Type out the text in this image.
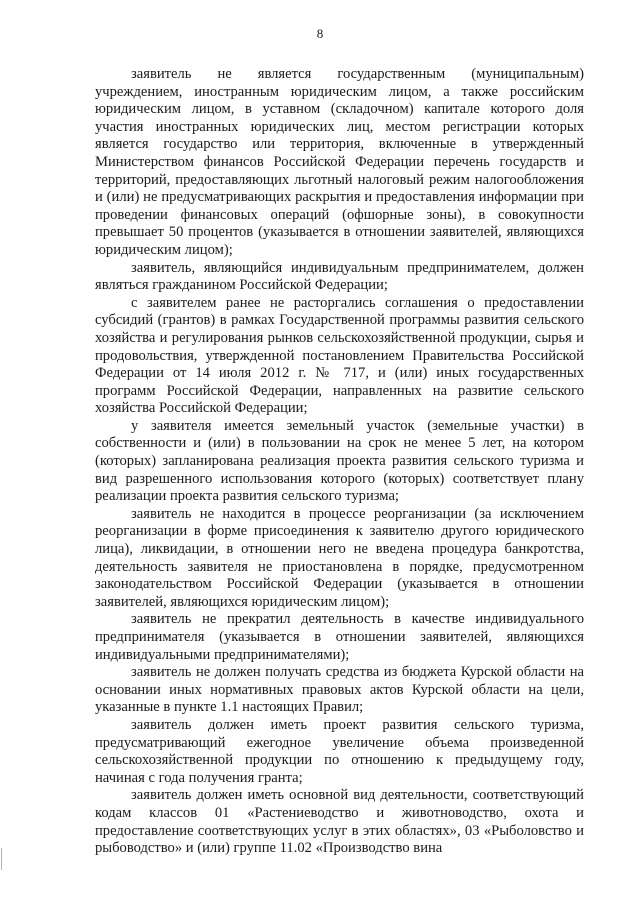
8

заявитель не является государственным (муниципальным) учреждением, иностранным юридическим лицом, а также российским юридическим лицом, в уставном (складочном) капитале которого доля участия иностранных юридических лиц, местом регистрации которых является государство или территория, включенные в утвержденный Министерством финансов Российской Федерации перечень государств и территорий, предоставляющих льготный налоговый режим налогообложения и (или) не предусматривающих раскрытия и предоставления информации при проведении финансовых операций (офшорные зоны), в совокупности превышает 50 процентов (указывается в отношении заявителей, являющихся юридическим лицом);

заявитель, являющийся индивидуальным предпринимателем, должен являться гражданином Российской Федерации;

с заявителем ранее не расторгались соглашения о предоставлении субсидий (грантов) в рамках Государственной программы развития сельского хозяйства и регулирования рынков сельскохозяйственной продукции, сырья и продовольствия, утвержденной постановлением Правительства Российской Федерации от 14 июля 2012 г. № 717, и (или) иных государственных программ Российской Федерации, направленных на развитие сельского хозяйства Российской Федерации;

у заявителя имеется земельный участок (земельные участки) в собственности и (или) в пользовании на срок не менее 5 лет, на котором (которых) запланирована реализация проекта развития сельского туризма и вид разрешенного использования которого (которых) соответствует плану реализации проекта развития сельского туризма;

заявитель не находится в процессе реорганизации (за исключением реорганизации в форме присоединения к заявителю другого юридического лица), ликвидации, в отношении него не введена процедура банкротства, деятельность заявителя не приостановлена в порядке, предусмотренном законодательством Российской Федерации (указывается в отношении заявителей, являющихся юридическим лицом);

заявитель не прекратил деятельность в качестве индивидуального предпринимателя (указывается в отношении заявителей, являющихся индивидуальными предпринимателями);

заявитель не должен получать средства из бюджета Курской области на основании иных нормативных правовых актов Курской области на цели, указанные в пункте 1.1 настоящих Правил;

заявитель должен иметь проект развития сельского туризма, предусматривающий ежегодное увеличение объема произведенной сельскохозяйственной продукции по отношению к предыдущему году, начиная с года получения гранта;

заявитель должен иметь основной вид деятельности, соответствующий кодам классов 01 «Растениеводство и животноводство, охота и предоставление соответствующих услуг в этих областях», 03 «Рыболовство и рыбоводство» и (или) группе 11.02 «Производство вина
